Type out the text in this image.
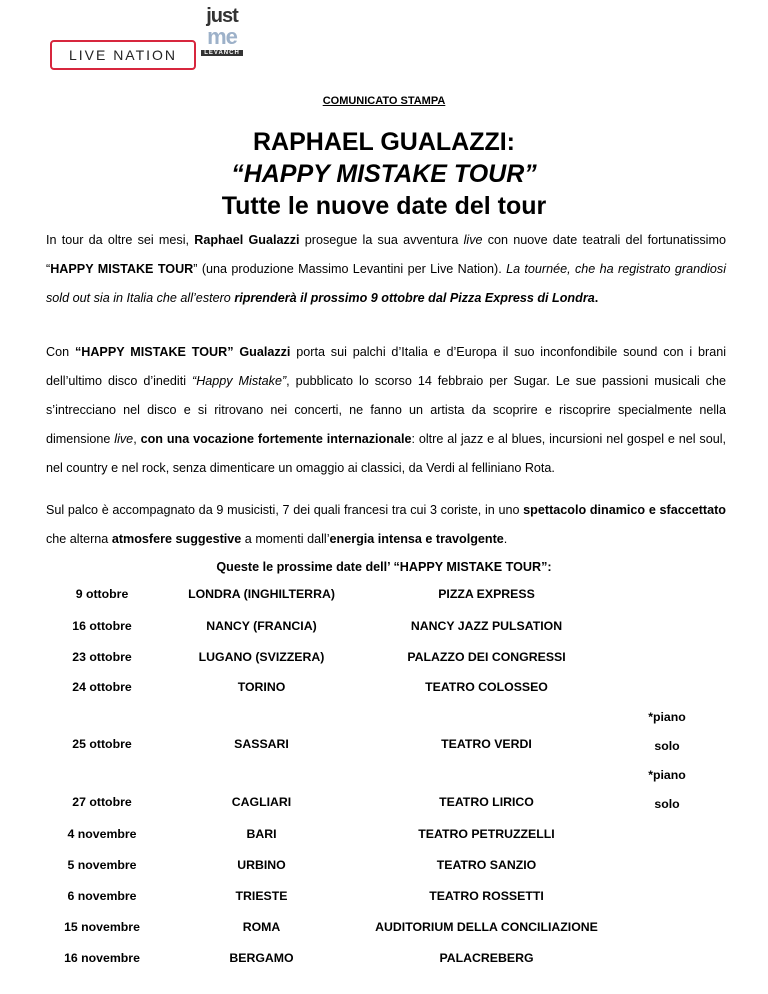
LIVE NATION
just
me
LEVANCH
COMUNICATO STAMPA
RAPHAEL GUALAZZI:
“HAPPY MISTAKE TOUR”
Tutte le nuove date del tour
In tour da oltre sei mesi, Raphael Gualazzi prosegue la sua avventura live con nuove date teatrali del fortunatissimo “HAPPY MISTAKE TOUR” (una produzione Massimo Levantini per Live Nation). La tournée, che ha registrato grandiosi sold out sia in Italia che all’estero riprenderà il prossimo 9 ottobre dal Pizza Express di Londra.
Con “HAPPY MISTAKE TOUR” Gualazzi porta sui palchi d’Italia e d’Europa il suo inconfondibile sound con i brani dell’ultimo disco d’inediti “Happy Mistake”, pubblicato lo scorso 14 febbraio per Sugar. Le sue passioni musicali che s’intrecciano nel disco e si ritrovano nei concerti, ne fanno un artista da scoprire e riscoprire specialmente nella dimensione live, con una vocazione fortemente internazionale: oltre al jazz e al blues, incursioni nel gospel e nel soul, nel country e nel rock, senza dimenticare un omaggio ai classici, da Verdi al felliniano Rota.
Sul palco è accompagnato da 9 musicisti, 7 dei quali francesi tra cui 3 coriste, in uno spettacolo dinamico e sfaccettato che alterna atmosfere suggestive a momenti dall’energia intensa e travolgente.
Queste le prossime date dell’ “HAPPY MISTAKE TOUR”:
9 ottobre	LONDRA (INGHILTERRA)	PIZZA EXPRESS	
16 ottobre	NANCY (FRANCIA)	NANCY JAZZ PULSATION	
23 ottobre	LUGANO (SVIZZERA)	PALAZZO DEI CONGRESSI	
24 ottobre	TORINO	TEATRO COLOSSEO	
25 ottobre	SASSARI	TEATRO VERDI	*piano
solo

27 ottobre	CAGLIARI	TEATRO LIRICO	*piano
solo

4 novembre	BARI	TEATRO PETRUZZELLI	
5 novembre	URBINO	TEATRO SANZIO	
6 novembre	TRIESTE	TEATRO ROSSETTI	
15 novembre	ROMA	AUDITORIUM DELLA CONCILIAZIONE	
16 novembre	BERGAMO	PALACREBERG	
